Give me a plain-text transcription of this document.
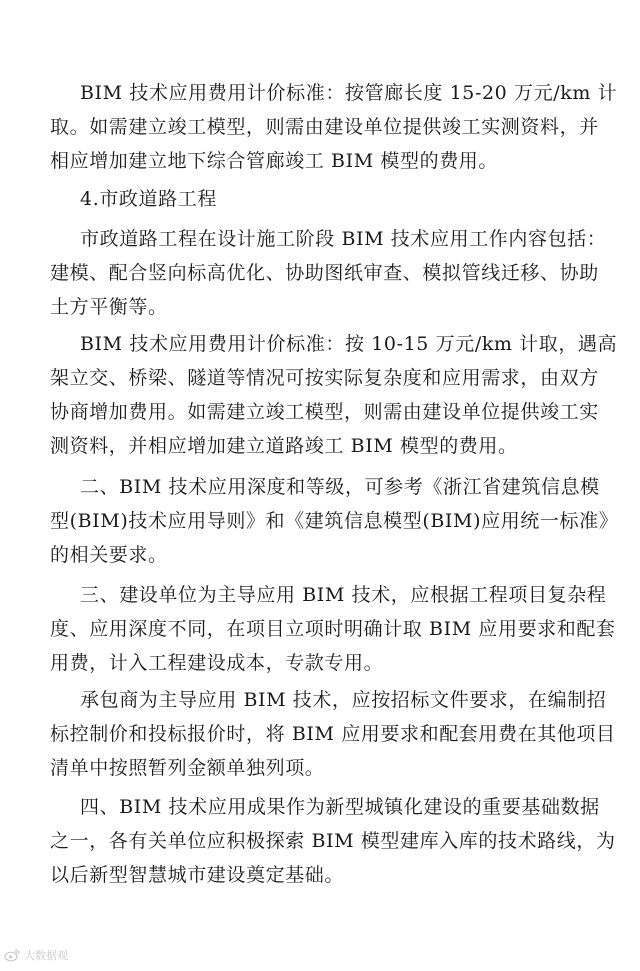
BIM 技术应用费用计价标准：按管廊长度 15-20 万元/km 计
取。如需建立竣工模型，则需由建设单位提供竣工实测资料，并
相应增加建立地下综合管廊竣工 BIM 模型的费用。

4.市政道路工程

市政道路工程在设计施工阶段 BIM 技术应用工作内容包括：
建模、配合竖向标高优化、协助图纸审查、模拟管线迁移、协助
土方平衡等。

BIM 技术应用费用计价标准：按 10-15 万元/km 计取，遇高
架立交、桥梁、隧道等情况可按实际复杂度和应用需求，由双方
协商增加费用。如需建立竣工模型，则需由建设单位提供竣工实
测资料，并相应增加建立道路竣工 BIM 模型的费用。

二、BIM 技术应用深度和等级，可参考《浙江省建筑信息模
型(BIM)技术应用导则》和《建筑信息模型(BIM)应用统一标准》
的相关要求。

三、建设单位为主导应用 BIM 技术，应根据工程项目复杂程
度、应用深度不同，在项目立项时明确计取 BIM 应用要求和配套
用费，计入工程建设成本，专款专用。

承包商为主导应用 BIM 技术，应按招标文件要求，在编制招
标控制价和投标报价时，将 BIM 应用要求和配套用费在其他项目
清单中按照暂列金额单独列项。

四、BIM 技术应用成果作为新型城镇化建设的重要基础数据
之一，各有关单位应积极探索 BIM 模型建库入库的技术路线，为
以后新型智慧城市建设奠定基础。

大数据观
